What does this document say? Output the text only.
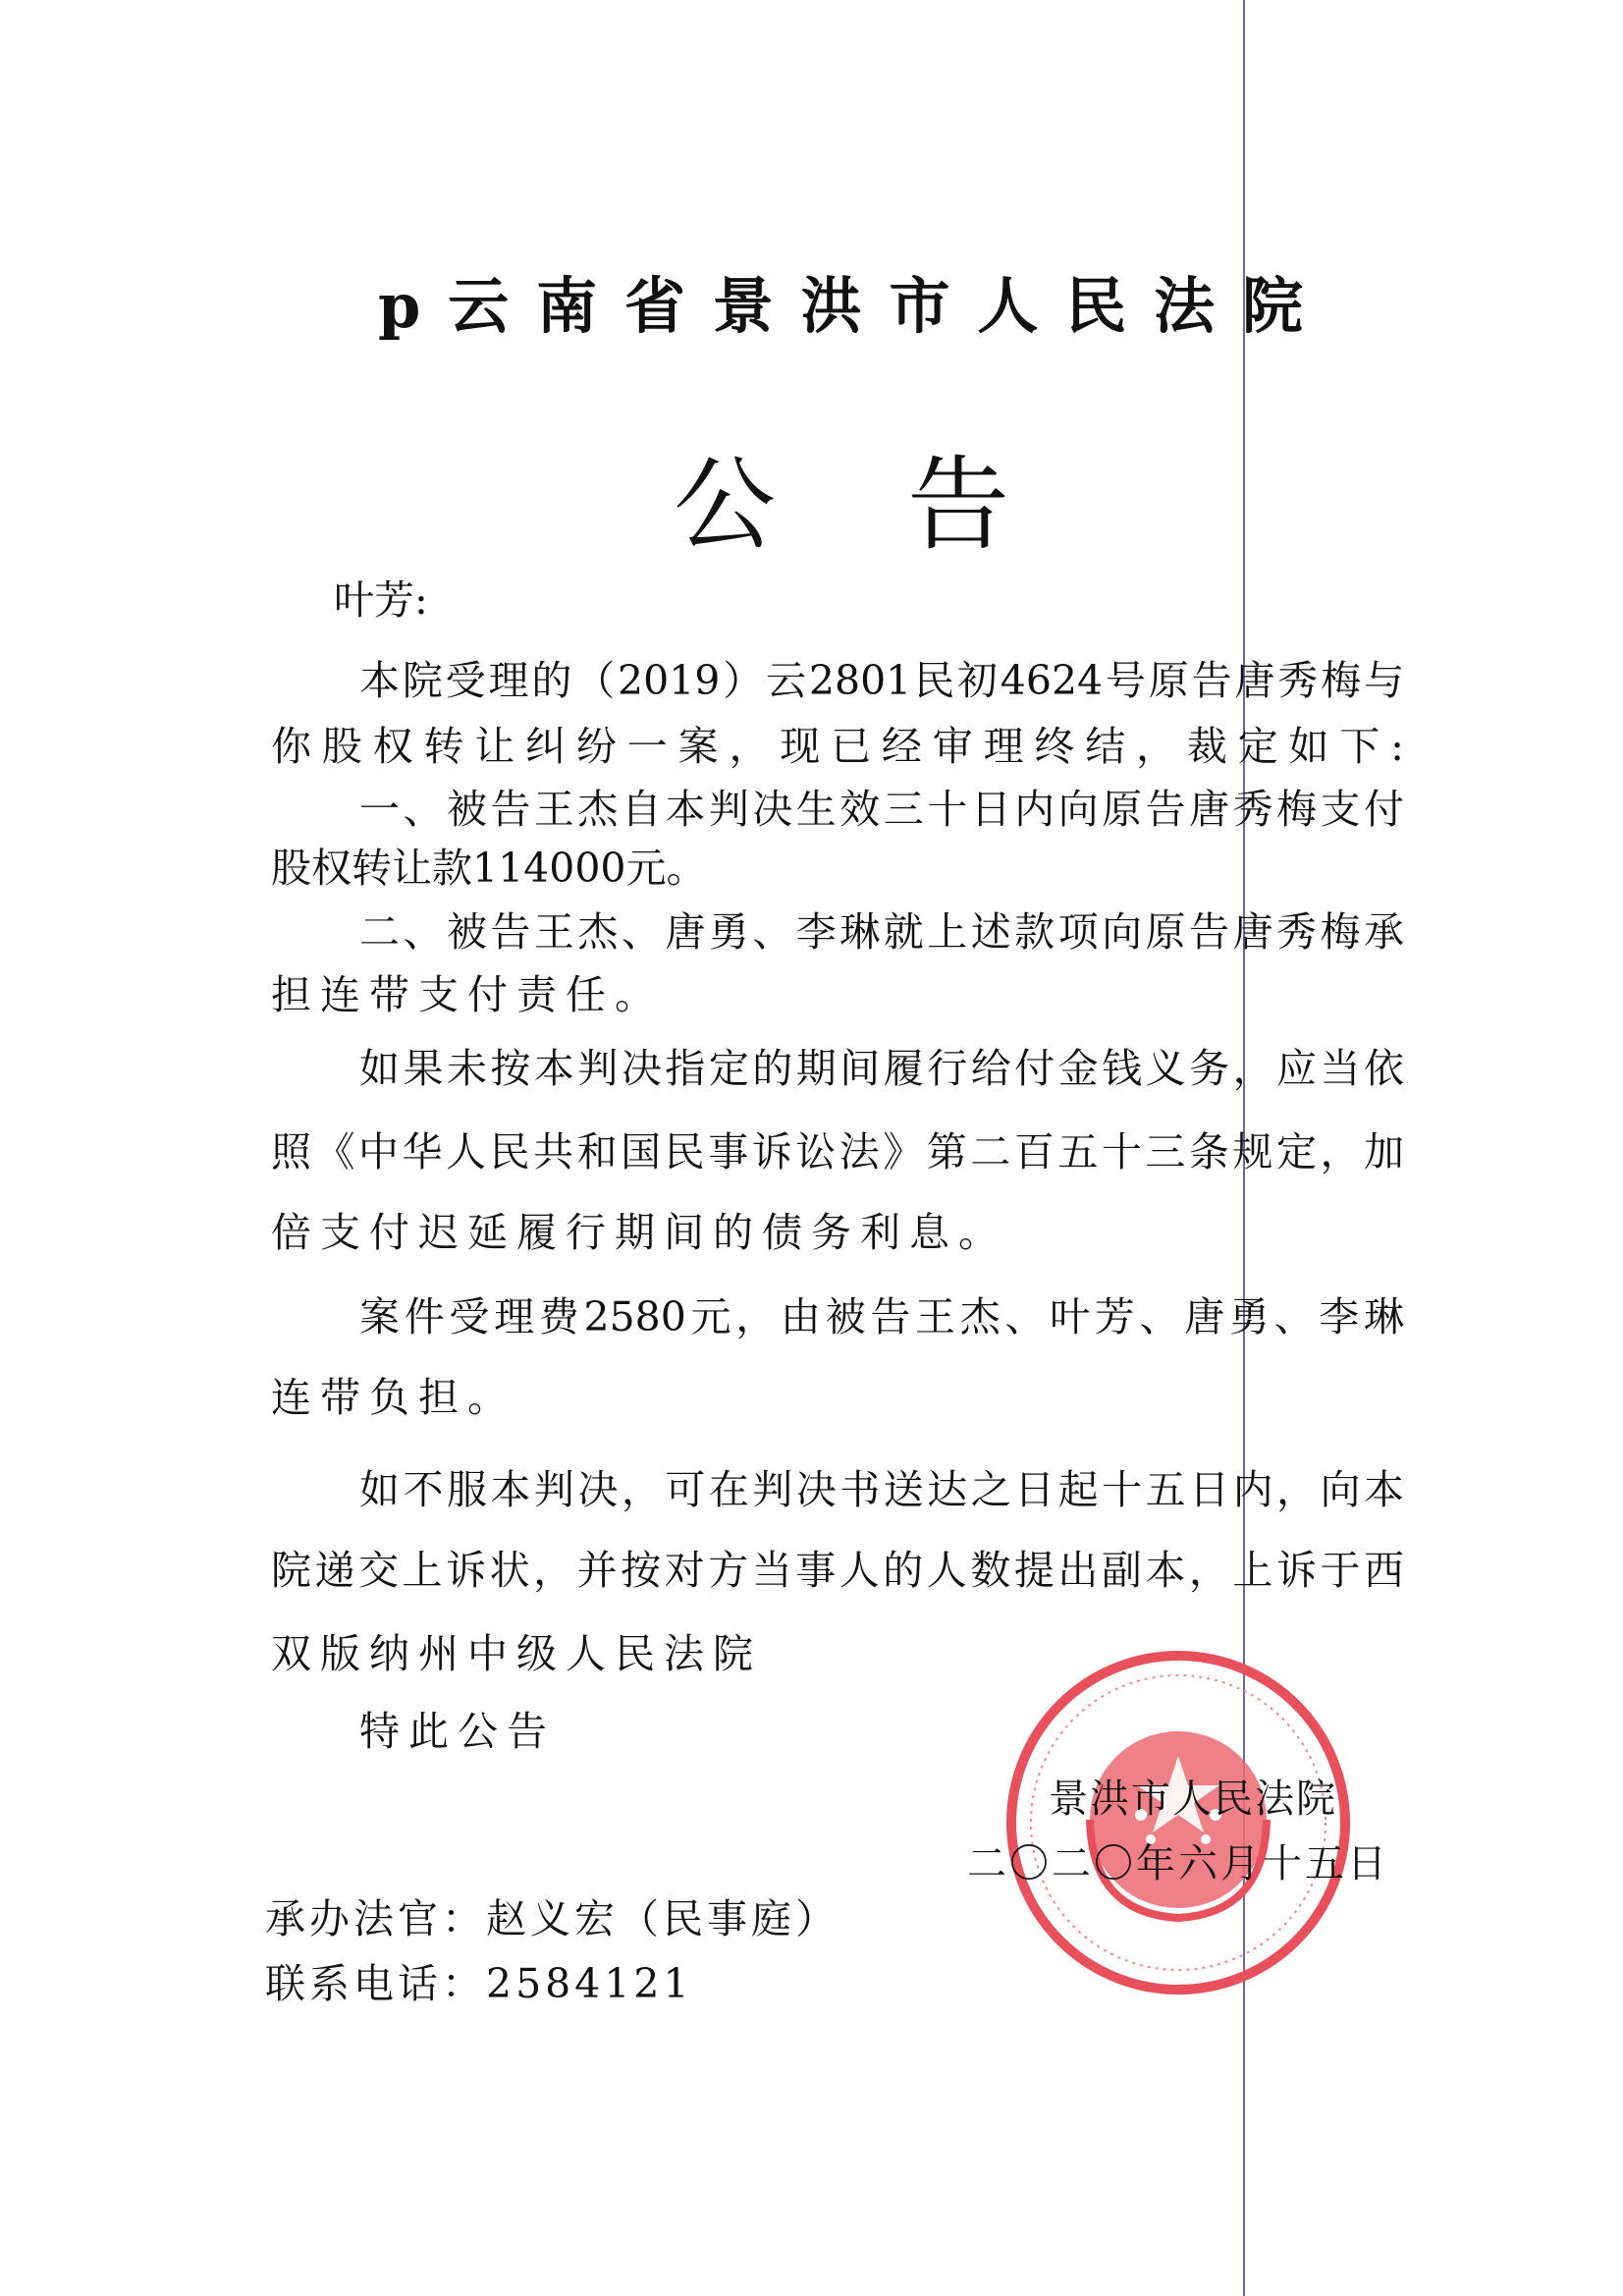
p云南省景洪市人民法院
公告
叶芳:
本院受理的（2019）云2801民初4624号原告唐秀梅与
你股权转让纠纷一案，现已经审理终结，裁定如下:
一、被告王杰自本判决生效三十日内向原告唐秀梅支付
股权转让款114000元。
二、被告王杰、唐勇、李琳就上述款项向原告唐秀梅承
担连带支付责任。
如果未按本判决指定的期间履行给付金钱义务，应当依
照《中华人民共和国民事诉讼法》第二百五十三条规定，加
倍支付迟延履行期间的债务利息。
案件受理费2580元，由被告王杰、叶芳、唐勇、李琳
连带负担。
如不服本判决，可在判决书送达之日起十五日内，向本
院递交上诉状，并按对方当事人的人数提出副本，上诉于西
双版纳州中级人民法院
特此公告
景洪市人民法院
二〇二〇年六月十五日
承办法官：赵义宏（民事庭）
联系电话：2584121
